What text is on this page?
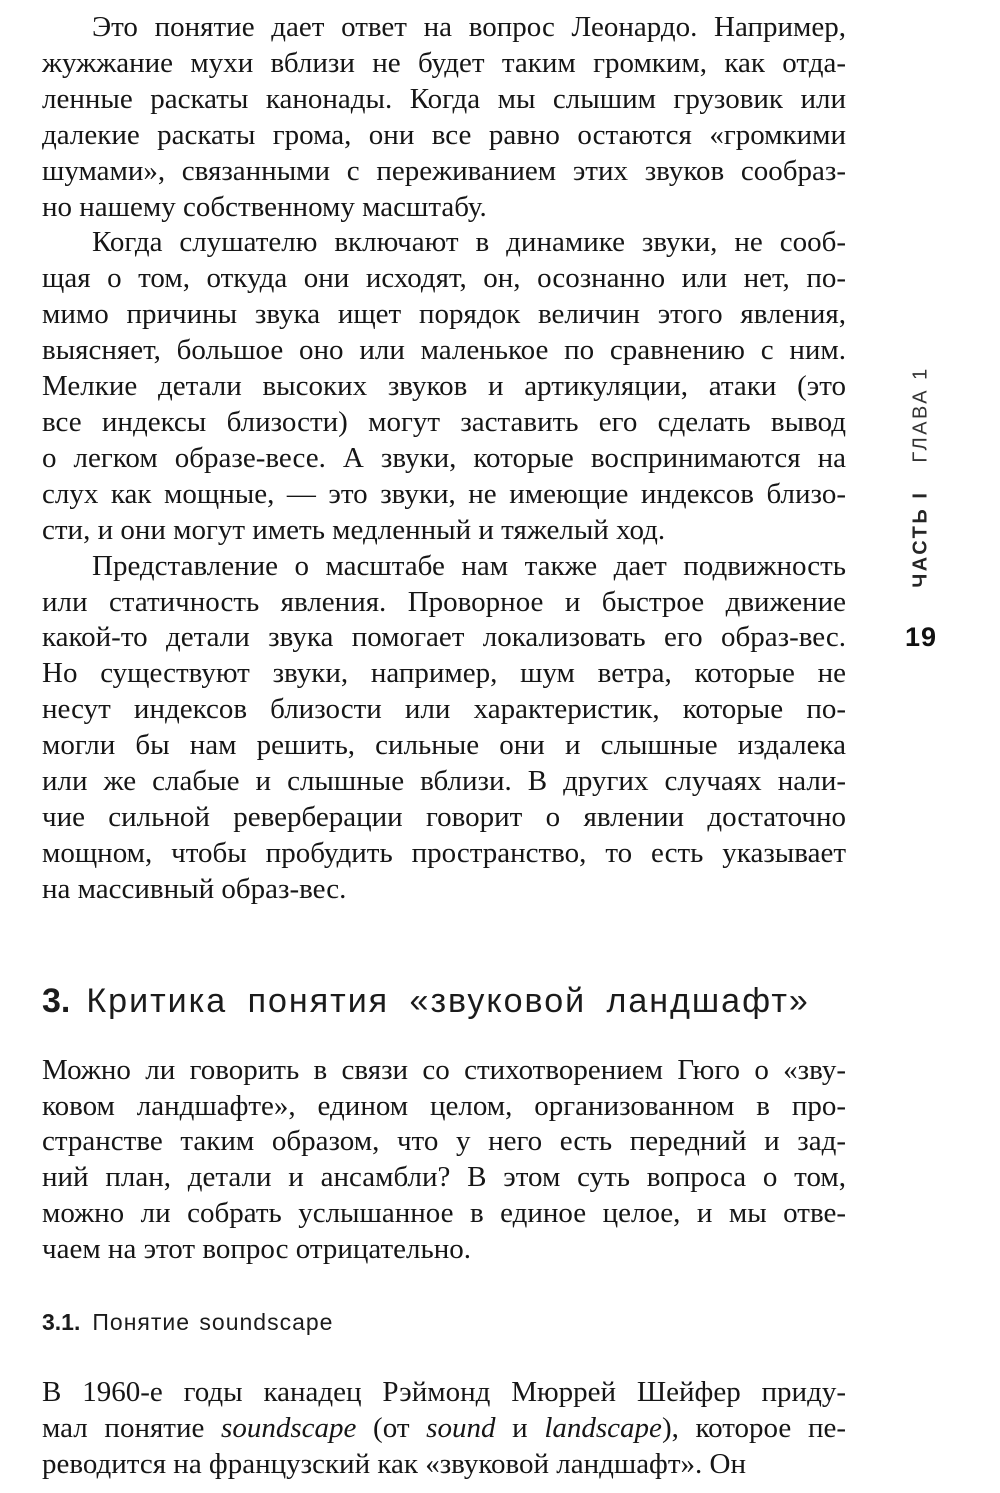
Это понятие дает ответ на вопрос Леонардо. Например,
жужжание мухи вблизи не будет таким громким, как отда-
ленные раскаты канонады. Когда мы слышим грузовик или
далекие раскаты грома, они все равно остаются «громкими
шумами», связанными с переживанием этих звуков сообраз-
но нашему собственному масштабу.
Когда слушателю включают в динамике звуки, не сооб-
щая о том, откуда они исходят, он, осознанно или нет, по-
мимо причины звука ищет порядок величин этого явления,
выясняет, большое оно или маленькое по сравнению с ним.
Мелкие детали высоких звуков и артикуляции, атаки (это
все индексы близости) могут заставить его сделать вывод
о легком образе-весе. А звуки, которые воспринимаются на
слух как мощные, — это звуки, не имеющие индексов близо-
сти, и они могут иметь медленный и тяжелый ход.
Представление о масштабе нам также дает подвижность
или статичность явления. Проворное и быстрое движение
какой-то детали звука помогает локализовать его образ-вес.
Но существуют звуки, например, шум ветра, которые не
несут индексов близости или характеристик, которые по-
могли бы нам решить, сильные они и слышные издалека
или же слабые и слышные вблизи. В других случаях нали-
чие сильной реверберации говорит о явлении достаточно
мощном, чтобы пробудить пространство, то есть указывает
на массивный образ-вес.
3. Критика понятия «звуковой ландшафт»
Можно ли говорить в связи со стихотворением Гюго о «зву-
ковом ландшафте», едином целом, организованном в про-
странстве таким образом, что у него есть передний и зад-
ний план, детали и ансамбли? В этом суть вопроса о том,
можно ли собрать услышанное в единое целое, и мы отве-
чаем на этот вопрос отрицательно.
3.1. Понятие soundscape
В 1960-е годы канадец Рэймонд Мюррей Шейфер приду-
мал понятие soundscape (от sound и landscape), которое пе-
реводится на французский как «звуковой ландшафт». Он
ЧАСТЬ IГЛАВА 1
19
